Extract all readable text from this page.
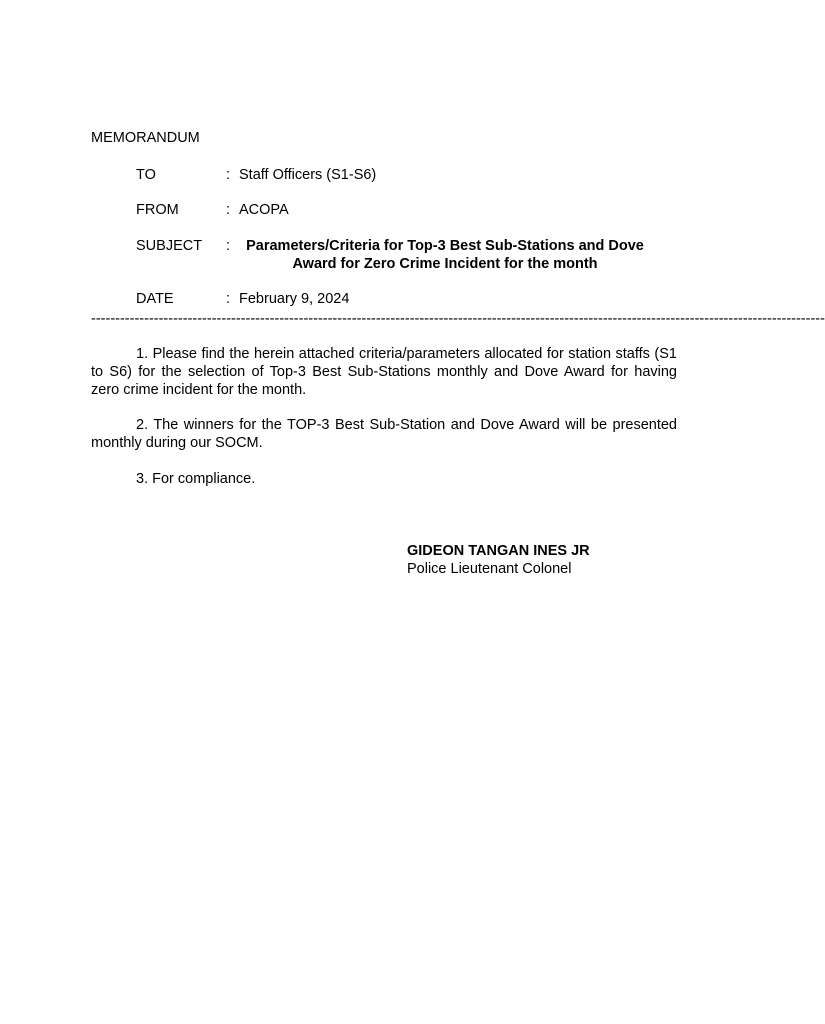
MEMORANDUM
TO	: Staff Officers (S1-S6)
FROM	: ACOPA
SUBJECT :	Parameters/Criteria for Top-3 Best Sub-Stations and Dove
Award for Zero Crime Incident for the month
DATE	: February 9, 2024
--------------------------------------------------------------------------------------------------------------------------------------------------------
1. Please find the herein attached criteria/parameters allocated for station staffs (S1 to S6) for the selection of Top-3 Best Sub-Stations monthly and Dove Award for having zero crime incident for the month.
2. The winners for the TOP-3 Best Sub-Station and Dove Award will be presented monthly during our SOCM.
3. For compliance.
GIDEON TANGAN INES JR
Police Lieutenant Colonel
